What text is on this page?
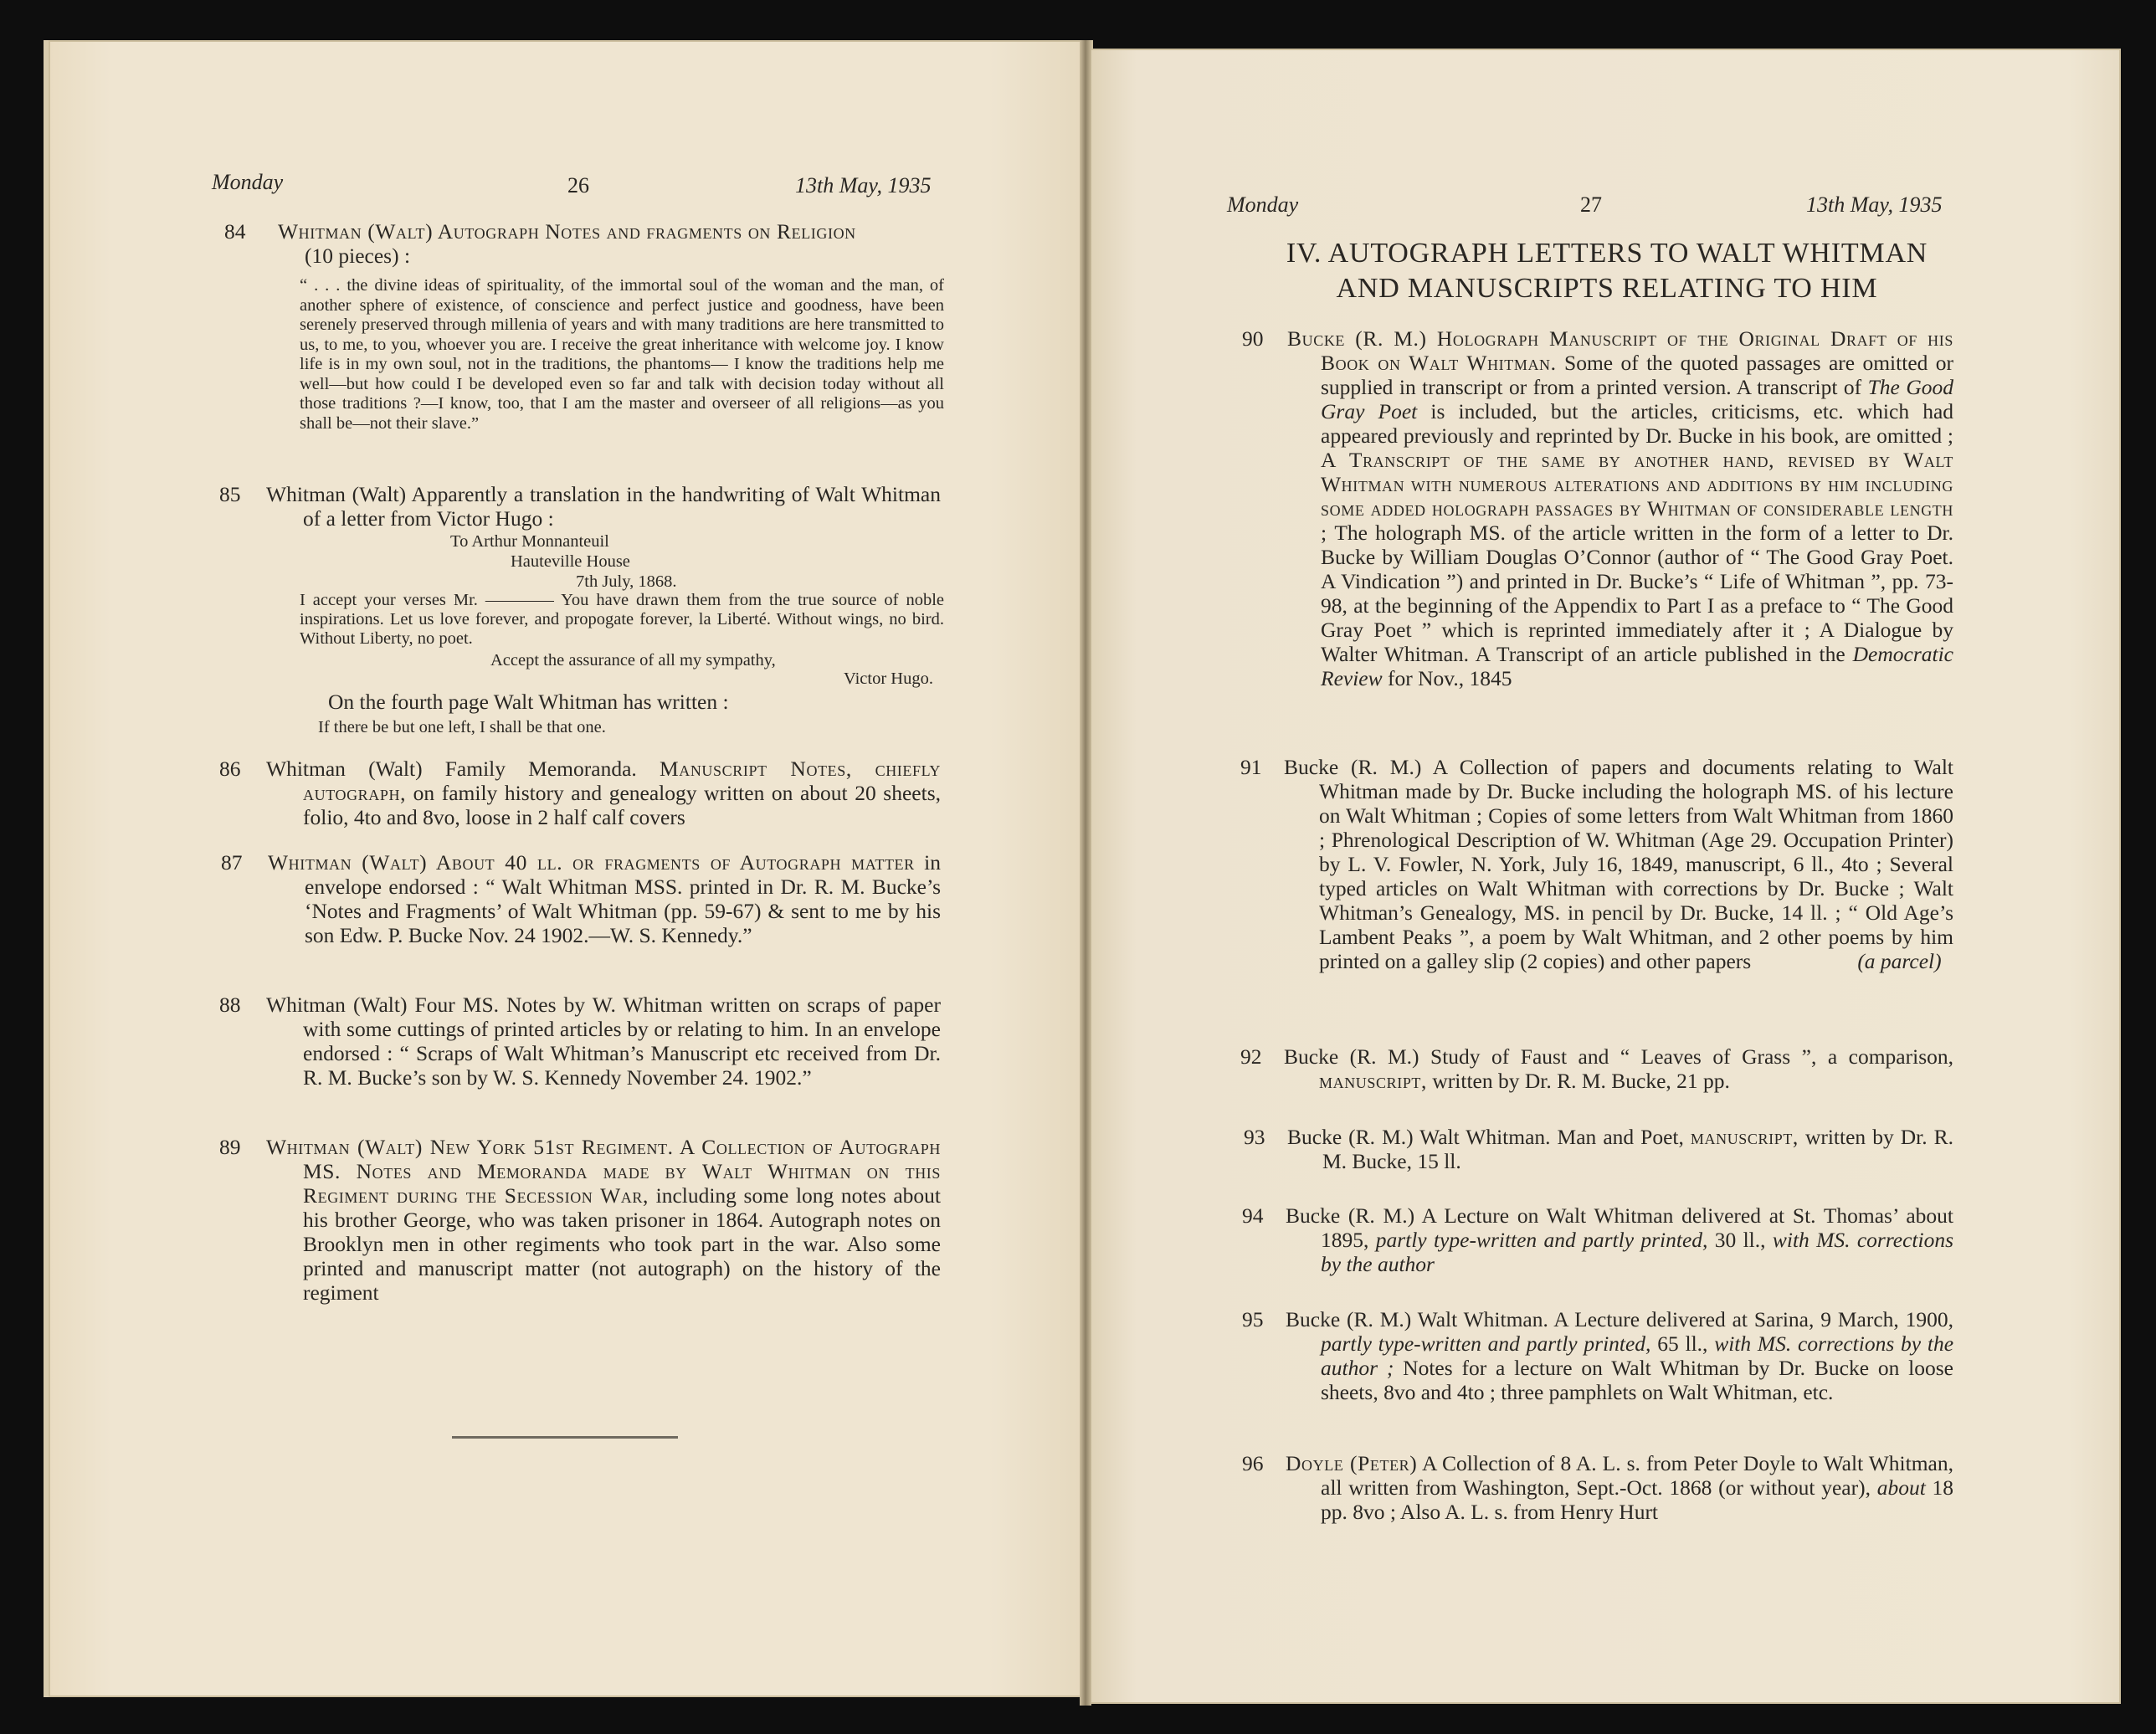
Monday	26	13th May, 1935
84 Whitman (Walt) Autograph Notes and fragments on Religion
(10 pieces) :
“ . . . the divine ideas of spirituality, of the immortal soul of the woman and the man, of another sphere of existence, of conscience and perfect justice and goodness, have been serenely preserved through millenia of years and with many traditions are here transmitted to us, to me, to you, whoever you are. I receive the great inheritance with welcome joy. I know life is in my own soul, not in the traditions, the phantoms— I know the traditions help me well—but how could I be developed even so far and talk with decision today without all those traditions ?—I know, too, that I am the master and overseer of all religions—as you shall be—not their slave.”
85 Whitman (Walt) Apparently a translation in the handwriting of Walt Whitman of a letter from Victor Hugo :
To Arthur Monnanteuil
Hauteville House
7th July, 1868.
I accept your verses Mr. ———— You have drawn them from the true source of noble inspirations. Let us love forever, and propogate forever, la Liberté. Without wings, no bird. Without Liberty, no poet.
Accept the assurance of all my sympathy,
Victor Hugo.
On the fourth page Walt Whitman has written :
If there be but one left, I shall be that one.
86 Whitman (Walt) Family Memoranda. Manuscript Notes, chiefly autograph, on family history and genealogy written on about 20 sheets, folio, 4to and 8vo, loose in 2 half calf covers
87 Whitman (Walt) About 40 ll. or fragments of Autograph matter in envelope endorsed : “ Walt Whitman MSS. printed in Dr. R. M. Bucke’s ‘Notes and Fragments’ of Walt Whitman (pp. 59-67) & sent to me by his son Edw. P. Bucke Nov. 24 1902.—W. S. Kennedy.”
88 Whitman (Walt) Four MS. Notes by W. Whitman written on scraps of paper with some cuttings of printed articles by or relating to him. In an envelope endorsed : “ Scraps of Walt Whitman’s Manuscript etc received from Dr. R. M. Bucke’s son by W. S. Kennedy November 24. 1902.”
89 Whitman (Walt) New York 51st Regiment. A Collection of Autograph MS. Notes and Memoranda made by Walt Whitman on this Regiment during the Secession War, including some long notes about his brother George, who was taken prisoner in 1864. Autograph notes on Brooklyn men in other regiments who took part in the war. Also some printed and manuscript matter (not autograph) on the history of the regiment
Monday	27	13th May, 1935
IV. AUTOGRAPH LETTERS TO WALT WHITMAN
AND MANUSCRIPTS RELATING TO HIM
90 Bucke (R. M.) Holograph Manuscript of the Original Draft of his Book on Walt Whitman. Some of the quoted passages are omitted or supplied in transcript or from a printed version. A transcript of The Good Gray Poet is included, but the articles, criticisms, etc. which had appeared previously and reprinted by Dr. Bucke in his book, are omitted ; A Transcript of the same by another hand, revised by Walt Whitman with numerous alterations and additions by him including some added holograph passages by Whitman of considerable length ; The holograph MS. of the article written in the form of a letter to Dr. Bucke by William Douglas O’Connor (author of “ The Good Gray Poet. A Vindication ”) and printed in Dr. Bucke’s “ Life of Whitman ”, pp. 73-98, at the beginning of the Appendix to Part I as a preface to “ The Good Gray Poet ” which is reprinted immediately after it ; A Dialogue by Walter Whitman. A Transcript of an article published in the Democratic Review for Nov., 1845
91 Bucke (R. M.) A Collection of papers and documents relating to Walt Whitman made by Dr. Bucke including the holograph MS. of his lecture on Walt Whitman ; Copies of some letters from Walt Whitman from 1860 ; Phrenological Description of W. Whitman (Age 29. Occupation Printer) by L. V. Fowler, N. York, July 16, 1849, manuscript, 6 ll., 4to ; Several typed articles on Walt Whitman with corrections by Dr. Bucke ; Walt Whitman’s Genealogy, MS. in pencil by Dr. Bucke, 14 ll. ; “ Old Age’s Lambent Peaks ”, a poem by Walt Whitman, and 2 other poems by him printed on a galley slip (2 copies) and other papers	(a parcel)
92 Bucke (R. M.) Study of Faust and “ Leaves of Grass ”, a comparison, manuscript, written by Dr. R. M. Bucke, 21 pp.
93 Bucke (R. M.) Walt Whitman. Man and Poet, manuscript, written by Dr. R. M. Bucke, 15 ll.
94 Bucke (R. M.) A Lecture on Walt Whitman delivered at St. Thomas’ about 1895, partly type-written and partly printed, 30 ll., with MS. corrections by the author
95 Bucke (R. M.) Walt Whitman. A Lecture delivered at Sarina, 9 March, 1900, partly type-written and partly printed, 65 ll., with MS. corrections by the author ; Notes for a lecture on Walt Whitman by Dr. Bucke on loose sheets, 8vo and 4to ; three pamphlets on Walt Whitman, etc.
96 Doyle (Peter) A Collection of 8 A. L. s. from Peter Doyle to Walt Whitman, all written from Washington, Sept.-Oct. 1868 (or without year), about 18 pp. 8vo ; Also A. L. s. from Henry Hurt
